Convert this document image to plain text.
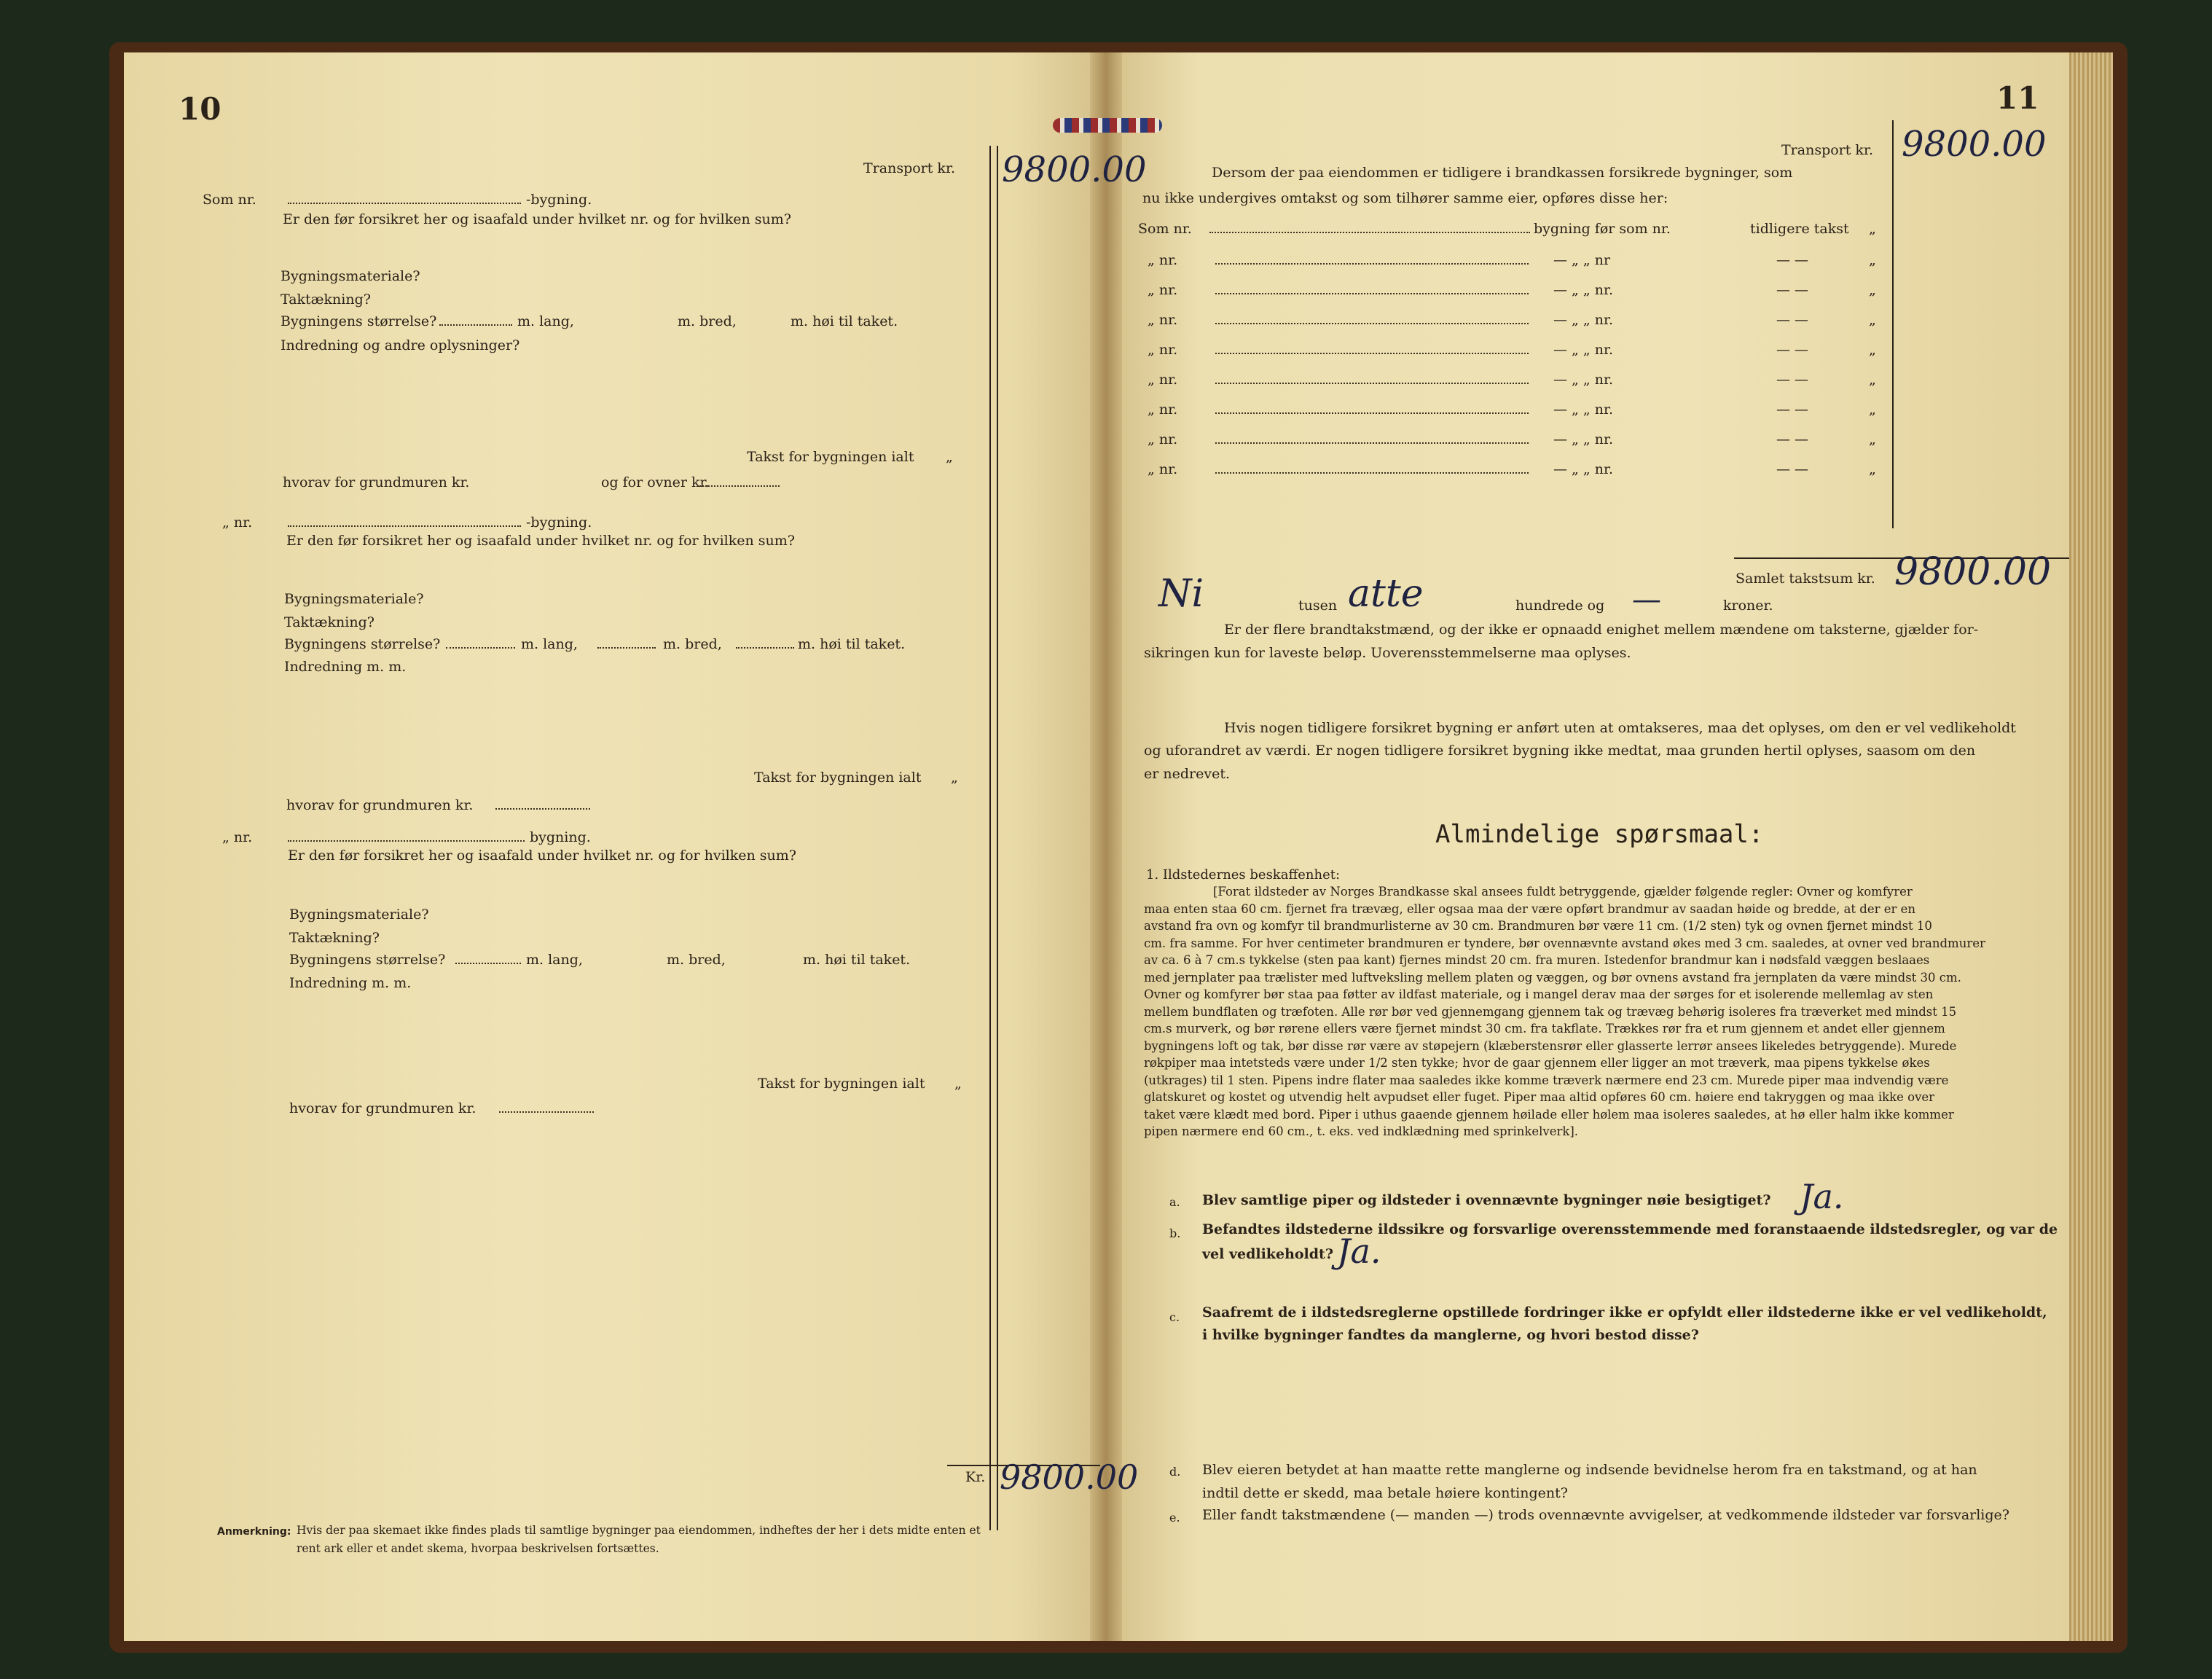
10
Transport kr. 9800.00
Som nr.	-bygning.
Er den før forsikret her og isaafald under hvilket nr. og for hvilken sum?
Bygningsmateriale?
Taktækning?
Bygningens størrelse?	m. lang,	m. bred,	m. høi til taket.
Indredning og andre oplysninger?
Takst for bygningen ialt „
hvorav for grundmuren kr.	og for ovner kr.
„ nr.	-bygning.
Er den før forsikret her og isaafald under hvilket nr. og for hvilken sum?
Bygningsmateriale?
Taktækning?
Bygningens størrelse?	m. lang,	m. bred,	m. høi til taket.
Indredning m. m.
Takst for bygningen ialt „
hvorav for grundmuren kr.
„ nr.	bygning.
Er den før forsikret her og isaafald under hvilket nr. og for hvilken sum?
Bygningsmateriale?
Taktækning?
Bygningens størrelse?	m. lang,	m. bred,	m. høi til taket.
Indredning m. m.
Takst for bygningen ialt „
hvorav for grundmuren kr.
Kr. 9800.00
Anmerkning: Hvis der paa skemaet ikke findes plads til samtlige bygninger paa eiendommen, indheftes der her i dets midte enten et
rent ark eller et andet skema, hvorpaa beskrivelsen fortsættes.
11
Transport kr. 9800.00
Dersom der paa eiendommen er tidligere i brandkassen forsikrede bygninger, som
nu ikke undergives omtakst og som tilhører samme eier, opføres disse her:
Som nr.	bygning før som nr.	tidligere takst „
„ nr.	— „ „ nr	— —	„
„ nr.	— „ „ nr.	— —	„
„ nr.	— „ „ nr.	— —	„
„ nr.	— „ „ nr.	— —	„
„ nr.	— „ „ nr.	— —	„
„ nr.	— „ „ nr.	— —	„
„ nr.	— „ „ nr.	— —	„
„ nr.	— „ „ nr.	— —	„
Samlet takstsum kr. 9800.00
Ni	tusen atte	hundrede og —	kroner.
Er der flere brandtakstmænd, og der ikke er opnaadd enighet mellem mændene om taksterne, gjælder for-
sikringen kun for laveste beløp. Uoverensstemmelserne maa oplyses.
Hvis nogen tidligere forsikret bygning er anført uten at omtakseres, maa det oplyses, om den er vel vedlikeholdt
og uforandret av værdi. Er nogen tidligere forsikret bygning ikke medtat, maa grunden hertil oplyses, saasom om den
er nedrevet.
Almindelige spørsmaal:
1. Ildstedernes beskaffenhet:
[Forat ildsteder av Norges Brandkasse skal ansees fuldt betryggende, gjælder følgende regler: Ovner og komfyrer
maa enten staa 60 cm. fjernet fra trævæg, eller ogsaa maa der være opført brandmur av saadan høide og bredde, at der er en
avstand fra ovn og komfyr til brandmurlisterne av 30 cm. Brandmuren bør være 11 cm. (1/2 sten) tyk og ovnen fjernet mindst 10
cm. fra samme. For hver centimeter brandmuren er tyndere, bør ovennævnte avstand økes med 3 cm. saaledes, at ovner ved brandmurer
av ca. 6 à 7 cm.s tykkelse (sten paa kant) fjernes mindst 20 cm. fra muren. Istedenfor brandmur kan i nødsfald væggen beslaaes
med jernplater paa trælister med luftveksling mellem platen og væggen, og bør ovnens avstand fra jernplaten da være mindst 30 cm.
Ovner og komfyrer bør staa paa føtter av ildfast materiale, og i mangel derav maa der sørges for et isolerende mellemlag av sten
mellem bundflaten og træfoten. Alle rør bør ved gjennemgang gjennem tak og trævæg behørig isoleres fra træverket med mindst 15
cm.s murverk, og bør rørene ellers være fjernet mindst 30 cm. fra takflate. Trækkes rør fra et rum gjennem et andet eller gjennem
bygningens loft og tak, bør disse rør være av støpejern (klæberstensrør eller glasserte lerrør ansees likeledes betryggende). Murede
røkpiper maa intetsteds være under 1/2 sten tykke; hvor de gaar gjennem eller ligger an mot træverk, maa pipens tykkelse økes
(utkrages) til 1 sten. Pipens indre flater maa saaledes ikke komme træverk nærmere end 23 cm. Murede piper maa indvendig være
glatskuret og kostet og utvendig helt avpudset eller fuget. Piper maa altid opføres 60 cm. høiere end takryggen og maa ikke over
taket være klædt med bord. Piper i uthus gaaende gjennem høilade eller hølem maa isoleres saaledes, at hø eller halm ikke kommer
pipen nærmere end 60 cm., t. eks. ved indklædning med sprinkelverk].
a. Blev samtlige piper og ildsteder i ovennævnte bygninger nøie besigtiget? Ja.
b. Befandtes ildstederne ildssikre og forsvarlige overensstemmende med foranstaaende ildstedsregler, og var de
vel vedlikeholdt? Ja.
c. Saafremt de i ildstedsreglerne opstillede fordringer ikke er opfyldt eller ildstederne ikke er vel vedlikeholdt,
i hvilke bygninger fandtes da manglerne, og hvori bestod disse?
d. Blev eieren betydet at han maatte rette manglerne og indsende bevidnelse herom fra en takstmand, og at han
indtil dette er skedd, maa betale høiere kontingent?
e. Eller fandt takstmændene (— manden —) trods ovennævnte avvigelser, at vedkommende ildsteder var forsvarlige?
